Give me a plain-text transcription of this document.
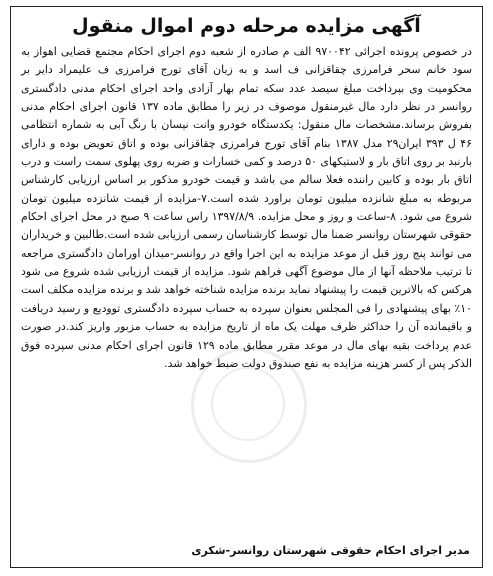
آگهی مزایده مرحله دوم اموال منقول

در خصوص پرونده اجرائی ۹۷۰۰۴۲ الف م صادره از شعبه دوم اجرای احکام مجتمع قضایی اهواز به سود خانم سحر فرامرزی چقاقزانی ف اسد و به زیان آقای تورج فرامرزی ف علیمراد دایر بر محکومیت وی بپرداخت مبلغ سیصد عدد سکه تمام بهار آزادی واحد اجرای احکام مدنی دادگستری روانسر در نظر دارد مال غیرمنقول موصوف در زیر را مطابق ماده ۱۳۷ قانون اجرای احکام مدنی بفروش برساند.مشخصات مال منقول: یکدستگاه خودرو وانت نیسان با رنگ آبی به شماره انتظامی ۴۶ ل ۳۹۳ ایران۲۹ مدل ۱۳۸۷ بنام آقای تورج فرامرزی چقاقزانی بوده و اتاق تعویض بوده و دارای بارنبد بر روی اتاق بار و لاستیکهای ۵۰ درصد و کمی خسارات و ضربه روی پهلوی سمت راست و درب اتاق بار بوده و کابین راننده فعلا سالم می باشد و قیمت خودرو مذکور بر اساس ارزیابی کارشناس مربوطه به مبلغ شانزده میلیون تومان براورد شده است.۷-مزایده از قیمت شانزده میلیون تومان شروع می شود. ۸-ساعت و روز و محل مزایده. ۱۳۹۷/۸/۹ راس ساعت ۹ صبح در محل اجرای احکام حقوقی شهرستان روانسر ضمنا مال توسط کارشناسان رسمی ارزیابی شده است.طالبین و خریداران می توانند پنج روز قبل از موعد مزایده به این اجرا واقع در روانسر-میدان اورامان دادگستری مراجعه تا ترتیب ملاحظه آنها از مال موضوع آگهی فراهم شود. مزایده از قیمت ارزیابی شده شروع می شود هرکس که بالاترین قیمت را پیشنهاد نماید برنده مزایده شناخته خواهد شد و برنده مزایده مکلف است ۱۰٪ بهای پیشنهادی را فی المجلس بعنوان سپرده به حساب سپرده دادگستری توودیع و رسید دریافت و باقیمانده آن را حداکثر ظرف مهلت یک ماه از تاریخ مزایده به حساب مزبور واریز کند.در صورت عدم پرداخت بقیه بهای مال در موعد مقرر مطابق ماده ۱۲۹ قانون اجرای احکام مدنی سپرده فوق الذکر پس از کسر هزینه مزایده به نفع صندوق دولت ضبط خواهد شد.

مدیر اجرای احکام حقوقی شهرستان روانسر-شکری
